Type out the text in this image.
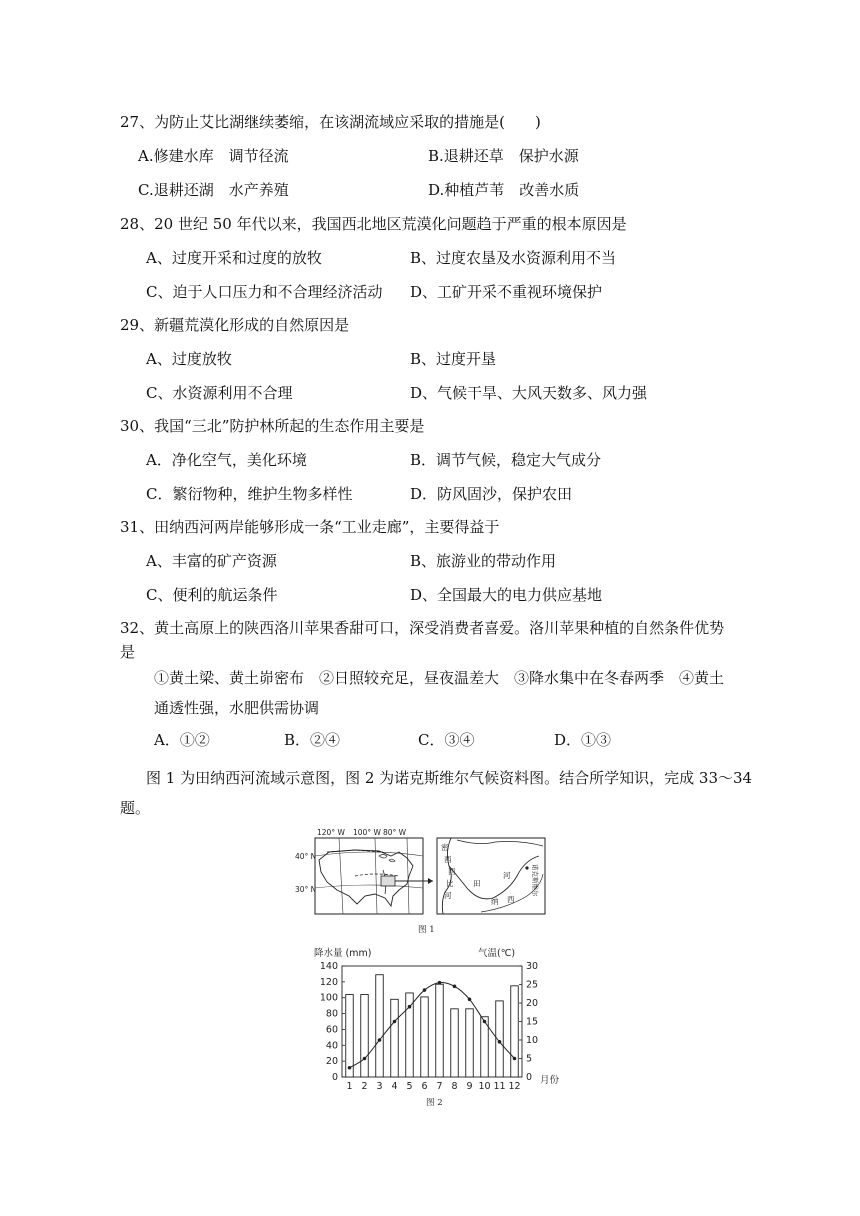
27、为防止艾比湖继续萎缩，在该湖流域应采取的措施是(　　)
A.修建水库　调节径流	B.退耕还草　保护水源
C.退耕还湖　水产养殖	D.种植芦苇　改善水质
28、20 世纪 50 年代以来，我国西北地区荒漠化问题趋于严重的根本原因是
A、过度开采和过度的放牧	B、过度农垦及水资源利用不当
C、迫于人口压力和不合理经济活动 D、工矿开采不重视环境保护
29、新疆荒漠化形成的自然原因是
A、过度放牧	B、过度开垦
C、水资源利用不合理	D、气候干旱、大风天数多、风力强
30、我国“三北”防护林所起的生态作用主要是
A．净化空气，美化环境	B．调节气候，稳定大气成分
C．繁衍物种，维护生物多样性	D．防风固沙，保护农田
31、田纳西河两岸能够形成一条“工业走廊”，主要得益于
A、丰富的矿产资源	B、旅游业的带动作用
C、便利的航运条件	D、全国最大的电力供应基地
32、黄土高原上的陕西洛川苹果香甜可口，深受消费者喜爱。洛川苹果种植的自然条件优势
是
①黄土梁、黄土峁密布　②日照较充足，昼夜温差大　③降水集中在冬春两季　④黄土
通透性强，水肥供需协调
A．①②	B．②④	C．③④	D．①③
图 1 为田纳西河流域示意图，图 2 为诺克斯维尔气候资料图。结合所学知识，完成 33～34
题。
120° W 100° W 80° W
40° N
30° N
密
西
西
比
河
田
纳 西
河	诺克斯维尔
图 1
降水量 (mm)	气温(℃)
0
20
40
60
80
100
120
140
0
5
10
15
20
25
30
1 2 3 4 5 6 7 8 9 10 11 12
月份
图 2
